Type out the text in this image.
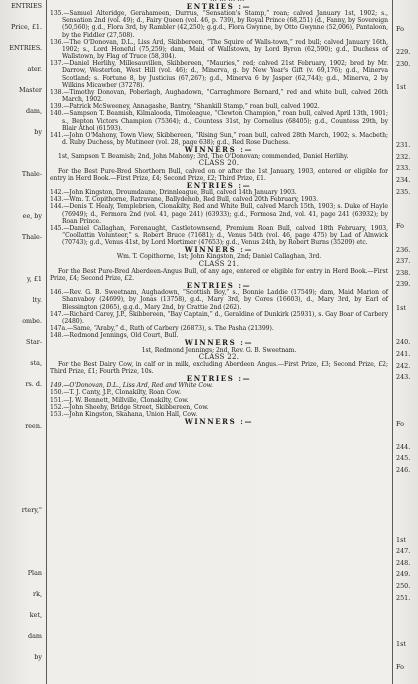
ENTRIES
Price, £1.
ENTRIES.
ater.
Master
dam,
by
Thale-
ee, by
Thale-
y, £1
lty.
ombe.
Star-
sta,
rs. d.
reen.
rtery,"
Plan
rk,
ket,
dam
by
Fo
229.
230.
1st
231.
232.
233.
234.
235.
Fo
236.
237.
238.
239.
1st
240.
241.
242.
243.
Fo
244.
245.
246.
1st
247.
248.
249.
250.
251.
1st
Fo

ENTRIES :—

135.—Samuel Alteridge, Gerahameen, Durrus, “Sensation's Stamp,” roan; calved January 1st, 1902; s., Sensation 2nd (vol. 49); d., Fairy Queen (vol. 46, p. 739), by Royal Prince (68,251) (d., Fanny, by Sovereign (50,560); g.d., Flora 3rd, by Rambler (42,250); g.g.d., Flora Gwynne, by Otto Gwynne (52,006), Pantaloon, by the Fiddler (27,508).

136.—The O'Donovan, D.L., Liss Ard, Skibbereen, “The Squire of Walls-town,” red bull; calved January 16th, 1902; s., Lord Honeful (75,259); dam, Maid of Wallstown, by Lord Byron (62,590); g.d., Duchess of Wallstown, by Flag of Truce (58,304).

137.—Daniel Herlihy, Millesauvillen, Skibbereen, “Mauries,” red; calved 21st February, 1902; bred by Mr. Darrow, Westerton, West Hill (vol. 46); d., Minerva, g. by New Year's Gift (v. 69,176); g.d., Minerva Scotland; s. Fortune 8, by Justicius (67,267); g.d., Minerva 6 by Jasper (62,744); g.d., Minerva, 2 by Wilkins Micawber (37278).

138.—Timothy Donovan, Poberlagh, Aughadown, “Carraghmore Bernard,” red and white bull, calved 26th March, 1902.

139.—Patrick McSweeney, Annagashe, Bantry, “Shankill Stamp,” roan bull, calved 1902.

140.—Sampson T. Beamish, Kilmalooda, Timoleague, “Clewton Champion,” roan bull, calved April 13th, 1901; s., Bepton Victors Champion (75364); d., Countess 31st, by Cornelius (68405); g.d., Countess 29th, by Blair Athol (61593).

141.—John O'Mahony, Town View, Skibbereen, “Rising Sun,” roan bull, calved 28th March, 1902; s. Macbeth; d. Ruby Duchess, by Mutineer (vol. 28, page 638); g.d., Red Rose Duchess.

WINNERS :—

1st, Sampson T. Beamish; 2nd, John Mahony; 3rd, The O'Donovan; commended, Daniel Herlihy.

CLASS 20.

For the Best Pure-Bred Shorthorn Bull, calved on or after the 1st January, 1903, entered or eligible for entry in Herd Book.—First Prize, £4; Second Prize, £2; Third Prize, £1.

ENTRIES :—

142.—John Kingston, Droumdaune, Drinnleague, Bull, calved 14th January 1903.

143.—Wm. T. Copithorne, Ratravane, Ballydehob, Red Bull, calved 20th February, 1903.

144.—Denis T. Healy, Templebrien, Clonakilty, Red and White Bull, calved March 15th, 1903; s. Duke of Hayle (76949); d., Fermora 2nd (vol. 41, page 241) (63933); g.d., Formosa 2nd, vol. 41, page 241 (63932); by Roan Prince.

145.—Daniel Callaghan, Forenaught, Castletownsend, Premium Roan Bull, calved 18th February, 1903, “Coollattin Volunteer,” s. Robert Bruce (71681); d., Venus 54th (vol. 46, page 475) by Lad of Alnwick (70743); g.d., Venus 41st, by Lord Mortimer (47653); g.d., Venus 24th, by Robert Burns (35209) etc.

WINNERS :—

Wm. T. Copithorne, 1st; John Kingston, 2nd; Daniel Callaghan, 3rd.

CLASS 21.

For the Best Pure-Bred Aberdeen-Angus Bull, of any age, entered or eligible for entry in Herd Book.—First Prize, £4; Second Prize, £2.

ENTRIES :—

146.—Rev. G. B. Sweetnam, Aughadown, “Scottish Boy,” s., Bonnie Laddie (17549); dam, Maid Marion of Shanvaboy (24699), by Jonas (13758), g.d., Mary 3rd, by Cores (16603), d., Mary 3rd, by Earl of Blessington (2065), g.g.d., Mary 2nd, by Crattie 2nd (262).

147.—Richard Carey, J.P., Skibbereen, “Bay Captain,” d., Geraldine of Dunkirk (25931), s. Gay Boar of Carbery (2480).

147a.—Same, “Araby,” d., Ruth of Carbery (26873), s. The Pasha (21399).

148.—Redmond Jennings, Old Court, Bull.

WINNERS :—

1st, Redmond Jennings; 2nd, Rev. G. B. Sweetnam.

CLASS 22.

For the Best Dairy Cow, in calf or in milk, excluding Aberdeen Angus.—First Prize, £3; Second Prize, £2; Third Prize, £1; Fourth Prize, 10s.

ENTRIES :—

149.—O'Donovan, D.L., Liss Ard, Red and White Cow.

150.—T. J. Canty, J.P., Clonakilty, Roan Cow.

151.—J. W. Bennett, Millville, Clonakilty, Cow.

152.—John Sheehy, Bridge Street, Skibbereen, Cow.

153.—John Kingston, Skahana, Union Hall, Cow.

WINNERS :—
